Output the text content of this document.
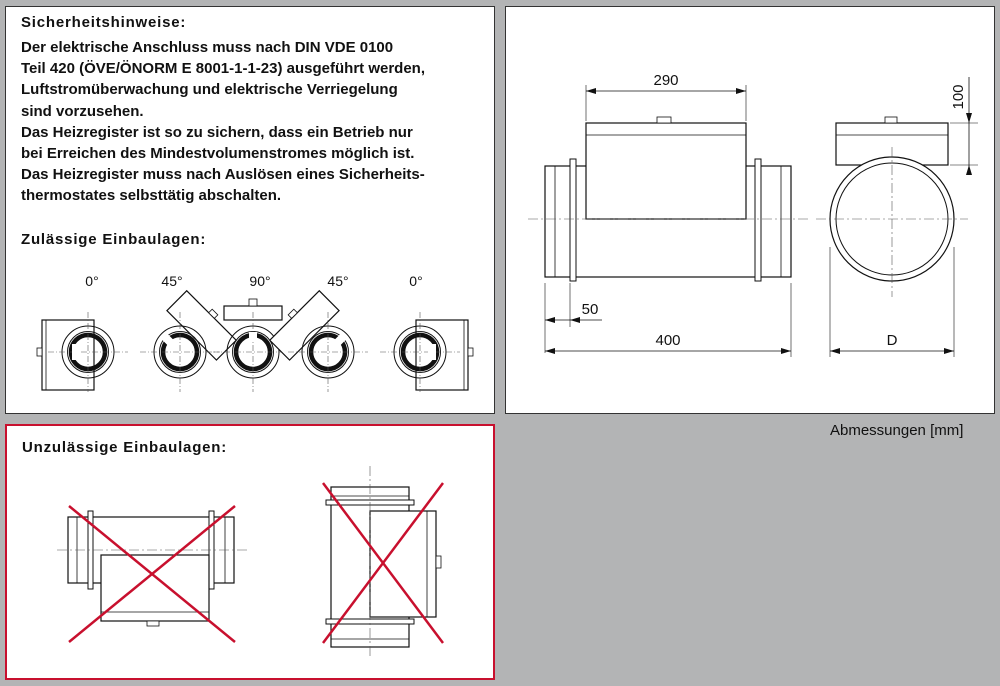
Sicherheitshinweise:
Der elektrische Anschluss muss nach DIN VDE 0100
Teil 420 (ÖVE/ÖNORM E 8001-1-1-23) ausgeführt werden,
Luftstromüberwachung und elektrische Verriegelung
sind vorzusehen.
Das Heizregister ist so zu sichern, dass ein Betrieb nur
bei Erreichen des Mindestvolumenstromes möglich ist.
Das Heizregister muss nach Auslösen eines Sicherheits-
thermostates selbsttätig abschalten.
Zulässige Einbaulagen:
0°	45°	90°	45°	0°
290
100
50
400	D
Abmessungen [mm]
Unzulässige Einbaulagen:
